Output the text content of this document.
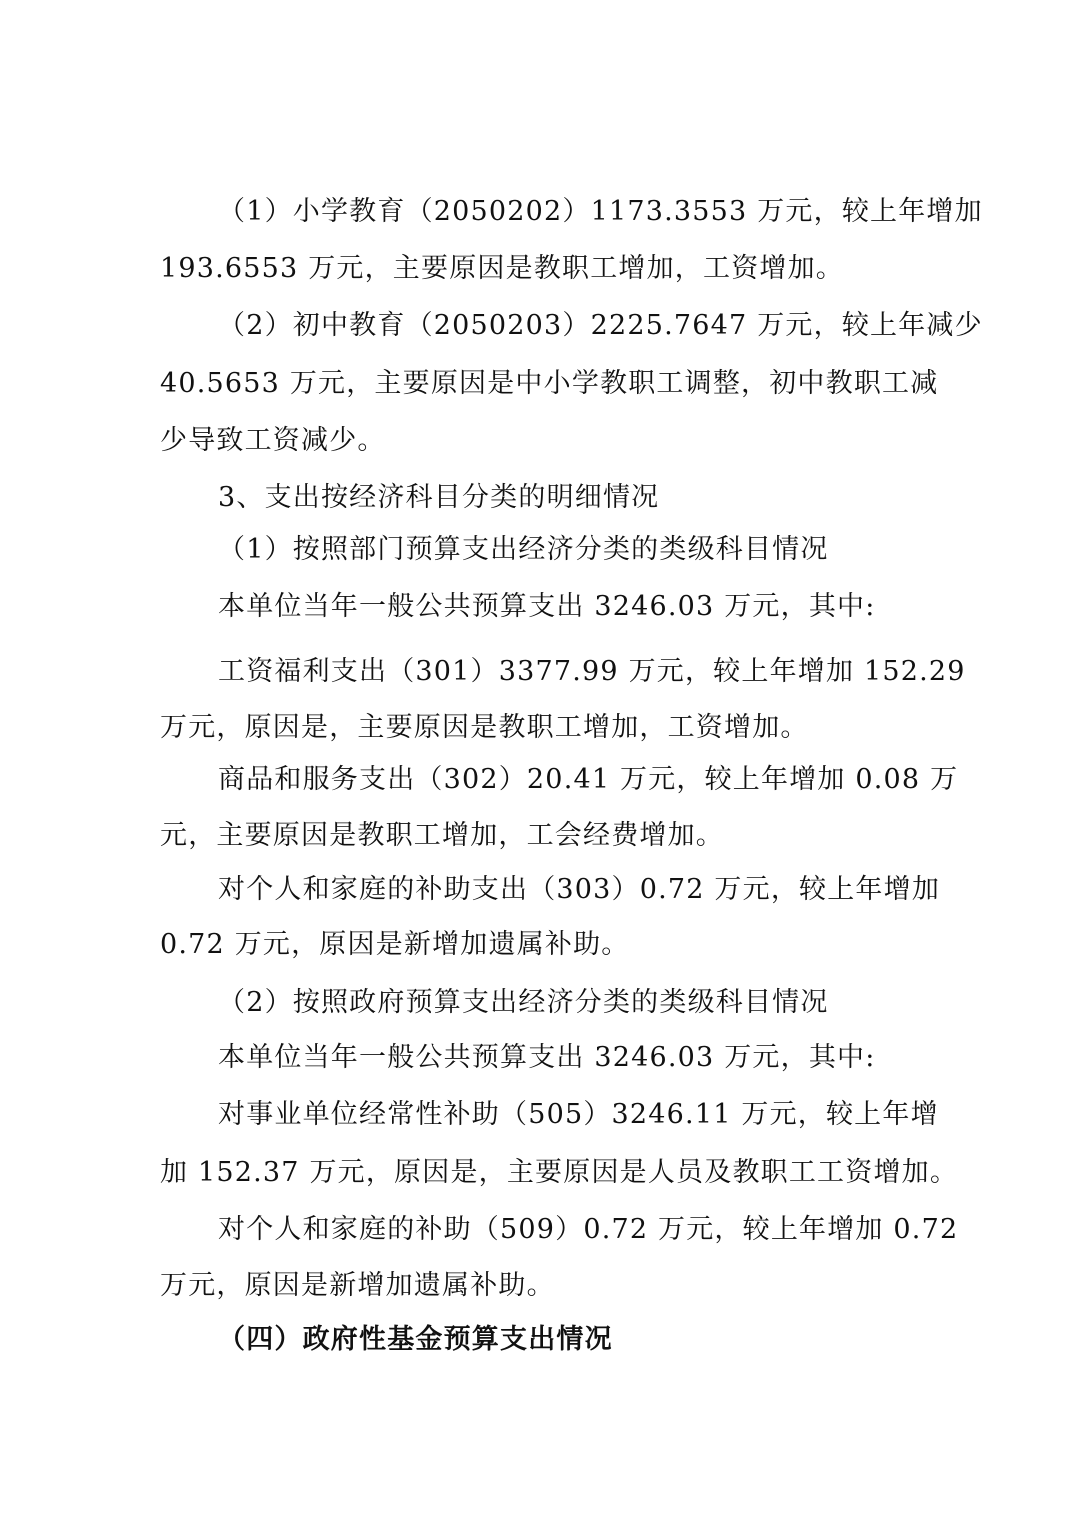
（1）小学教育（2050202）1173.3553 万元，较上年增加
193.6553 万元，主要原因是教职工增加，工资增加。
（2）初中教育（2050203）2225.7647 万元，较上年减少
40.5653 万元，主要原因是中小学教职工调整，初中教职工减
少导致工资减少。
3、支出按经济科目分类的明细情况
（1）按照部门预算支出经济分类的类级科目情况
本单位当年一般公共预算支出 3246.03 万元，其中:
工资福利支出（301）3377.99 万元，较上年增加 152.29
万元，原因是，主要原因是教职工增加，工资增加。
商品和服务支出（302）20.41 万元，较上年增加 0.08 万
元，主要原因是教职工增加，工会经费增加。
对个人和家庭的补助支出（303）0.72 万元，较上年增加
0.72 万元，原因是新增加遗属补助。
（2）按照政府预算支出经济分类的类级科目情况
本单位当年一般公共预算支出 3246.03 万元，其中:
对事业单位经常性补助（505）3246.11 万元，较上年增
加 152.37 万元，原因是，主要原因是人员及教职工工资增加。
对个人和家庭的补助（509）0.72 万元，较上年增加 0.72
万元，原因是新增加遗属补助。
（四）政府性基金预算支出情况
